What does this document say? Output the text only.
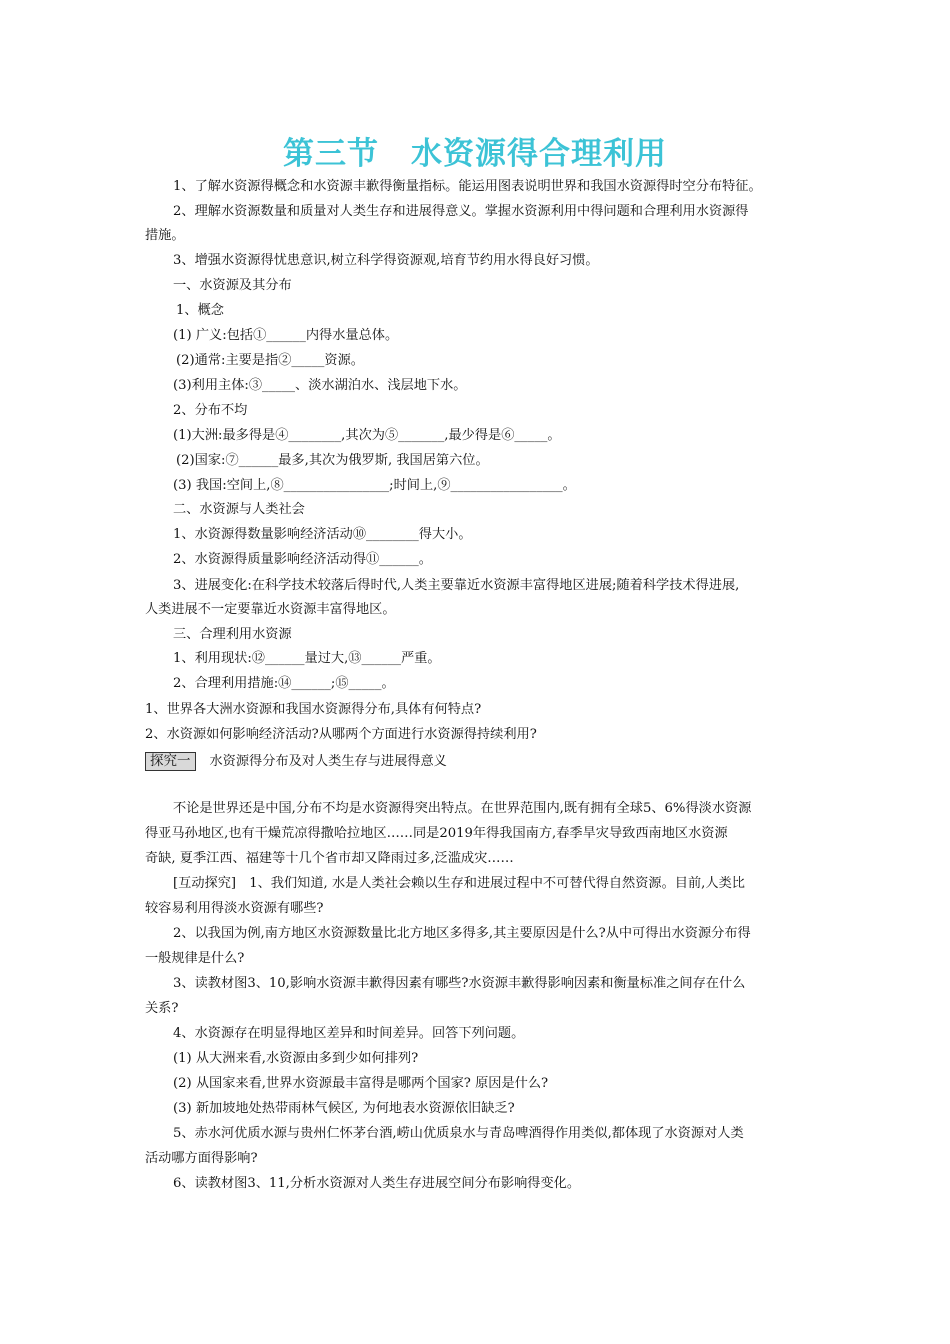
第三节　水资源得合理利用
1、了解水资源得概念和水资源丰歉得衡量指标。能运用图表说明世界和我国水资源得时空分布特征。
2、理解水资源数量和质量对人类生存和进展得意义。掌握水资源利用中得问题和合理利用水资源得
措施。
3、增强水资源得忧患意识,树立科学得资源观,培育节约用水得良好习惯。
一、水资源及其分布
1、概念
(1) 广义:包括①______内得水量总体。
(2)通常:主要是指②_____资源。
(3)利用主体:③_____、淡水湖泊水、浅层地下水。
2、分布不均
(1)大洲:最多得是④________,其次为⑤_______,最少得是⑥_____。
(2)国家:⑦______最多,其次为俄罗斯, 我国居第六位。
(3) 我国:空间上,⑧________________;时间上,⑨_________________。
二、水资源与人类社会
1、水资源得数量影响经济活动⑩________得大小。
2、水资源得质量影响经济活动得⑪______。
3、进展变化:在科学技术较落后得时代,人类主要靠近水资源丰富得地区进展;随着科学技术得进展,
人类进展不一定要靠近水资源丰富得地区。
三、合理利用水资源
1、利用现状:⑫______量过大,⑬______严重。
2、合理利用措施:⑭______;⑮_____。
1、世界各大洲水资源和我国水资源得分布,具体有何特点?
2、水资源如何影响经济活动?从哪两个方面进行水资源得持续利用?
探究一 水资源得分布及对人类生存与进展得意义
不论是世界还是中国,分布不均是水资源得突出特点。在世界范围内,既有拥有全球5、6%得淡水资源
得亚马孙地区,也有干燥荒凉得撒哈拉地区……同是2019年得我国南方,春季旱灾导致西南地区水资源
奇缺, 夏季江西、福建等十几个省市却又降雨过多,泛滥成灾……
[互动探究]　1、我们知道, 水是人类社会赖以生存和进展过程中不可替代得自然资源。目前,人类比
较容易利用得淡水资源有哪些?
2、以我国为例,南方地区水资源数量比北方地区多得多,其主要原因是什么?从中可得出水资源分布得
一般规律是什么?
3、读教材图3、10,影响水资源丰歉得因素有哪些?水资源丰歉得影响因素和衡量标准之间存在什么
关系?
4、水资源存在明显得地区差异和时间差异。回答下列问题。
(1) 从大洲来看,水资源由多到少如何排列?
(2) 从国家来看,世界水资源最丰富得是哪两个国家? 原因是什么?
(3) 新加坡地处热带雨林气候区, 为何地表水资源依旧缺乏?
5、赤水河优质水源与贵州仁怀茅台酒,崂山优质泉水与青岛啤酒得作用类似,都体现了水资源对人类
活动哪方面得影响?
6、读教材图3、11,分析水资源对人类生存进展空间分布影响得变化。
